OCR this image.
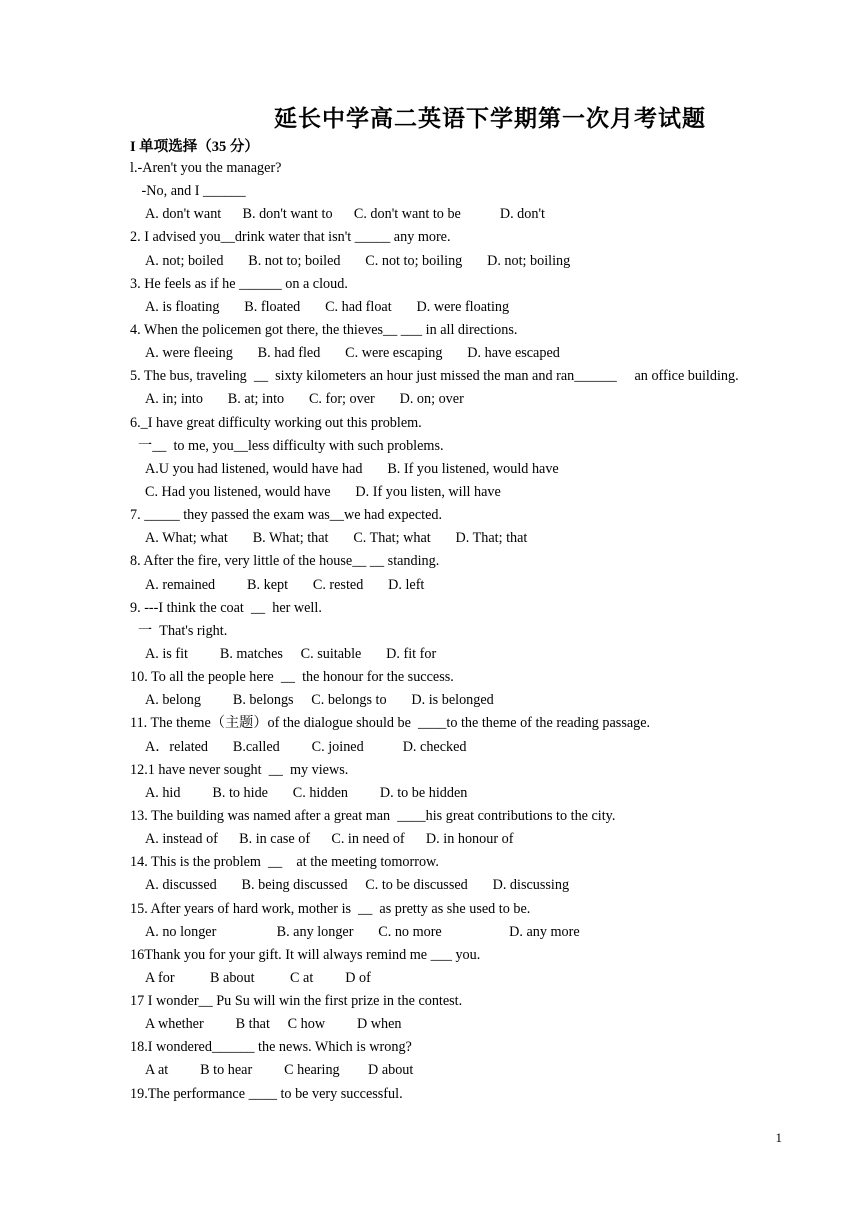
延长中学高二英语下学期第一次月考试题
I 单项选择（35 分）
l.-Aren't you the manager?
-No, and I ______
A. don't want      B. don't want to      C. don't want to be           D. don't
2. I advised you__drink water that isn't _____ any more.
A. not; boiled       B. not to; boiled       C. not to; boiling       D. not; boiling
3. He feels as if he ______ on a cloud.
A. is floating       B. floated       C. had float       D. were floating
4. When the policemen got there, the thieves__ ___ in all directions.
A. were fleeing       B. had fled       C. were escaping       D. have escaped
5. The bus, traveling  __  sixty kilometers an hour just missed the man and ran______     an office building.
A. in; into       B. at; into       C. for; over       D. on; over
6._I have great difficulty working out this problem.
一__  to me, you__less difficulty with such problems.
A.U you had listened, would have had       B. If you listened, would have
C. Had you listened, would have       D. If you listen, will have
7. _____ they passed the exam was__we had expected.
A. What; what       B. What; that       C. That; what       D. That; that
8. After the fire, very little of the house__ __ standing.
A. remained         B. kept       C. rested       D. left
9. ---I think the coat  __  her well.
一  That's right.
A. is fit         B. matches     C. suitable       D. fit for
10. To all the people here  __  the honour for the success.
A. belong         B. belongs     C. belongs to       D. is belonged
11. The theme（主题）of the dialogue should be  ____to the theme of the reading passage.
A．related       B.called         C. joined           D. checked
12.1 have never sought  __  my views.
A. hid         B. to hide       C. hidden         D. to be hidden
13. The building was named after a great man  ____his great contributions to the city.
A. instead of      B. in case of      C. in need of      D. in honour of
14. This is the problem  __    at the meeting tomorrow.
A. discussed       B. being discussed     C. to be discussed       D. discussing
15. After years of hard work, mother is  __  as pretty as she used to be.
A. no longer                 B. any longer       C. no more                   D. any more
16Thank you for your gift. It will always remind me ___ you.
A for          B about          C at         D of
17 I wonder__ Pu Su will win the first prize in the contest.
A whether         B that     C how         D when
18.I wondered______ the news. Which is wrong?
A at         B to hear         C hearing        D about
19.The performance ____ to be very successful.
1
